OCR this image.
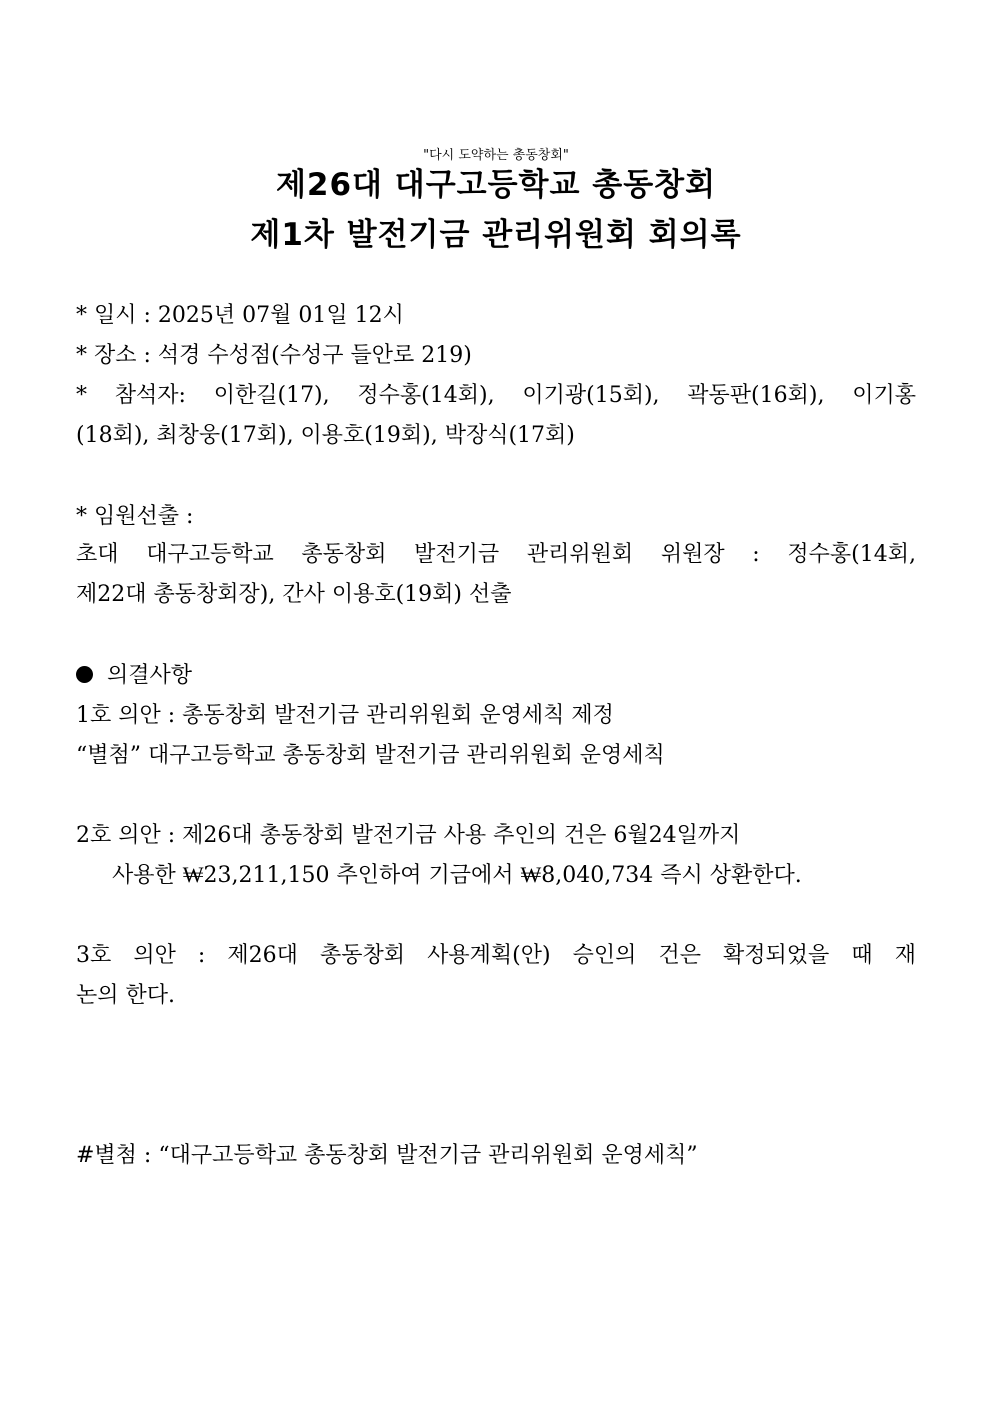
"다시 도약하는 총동창회"
제26대 대구고등학교 총동창회
제1차 발전기금 관리위원회 회의록
* 일시 : 2025년 07월 01일 12시
* 장소 : 석경 수성점(수성구 들안로 219)
* 참석자: 이한길(17), 정수홍(14회), 이기광(15회), 곽동판(16회), 이기홍
(18회), 최창웅(17회), 이용호(19회), 박장식(17회)
* 임원선출 :
초대 대구고등학교 총동창회 발전기금 관리위원회 위원장 : 정수홍(14회,
제22대 총동창회장), 간사 이용호(19회) 선출
의결사항
1호 의안 : 총동창회 발전기금 관리위원회 운영세칙 제정
“별첨” 대구고등학교 총동창회 발전기금 관리위원회 운영세칙
2호 의안 : 제26대 총동창회 발전기금 사용 추인의 건은 6월24일까지
사용한 ₩23,211,150 추인하여 기금에서 ₩8,040,734 즉시 상환한다.
3호 의안 : 제26대 총동창회 사용계획(안) 승인의 건은 확정되었을 때 재
논의 한다.
#별첨 : “대구고등학교 총동창회 발전기금 관리위원회 운영세칙”
